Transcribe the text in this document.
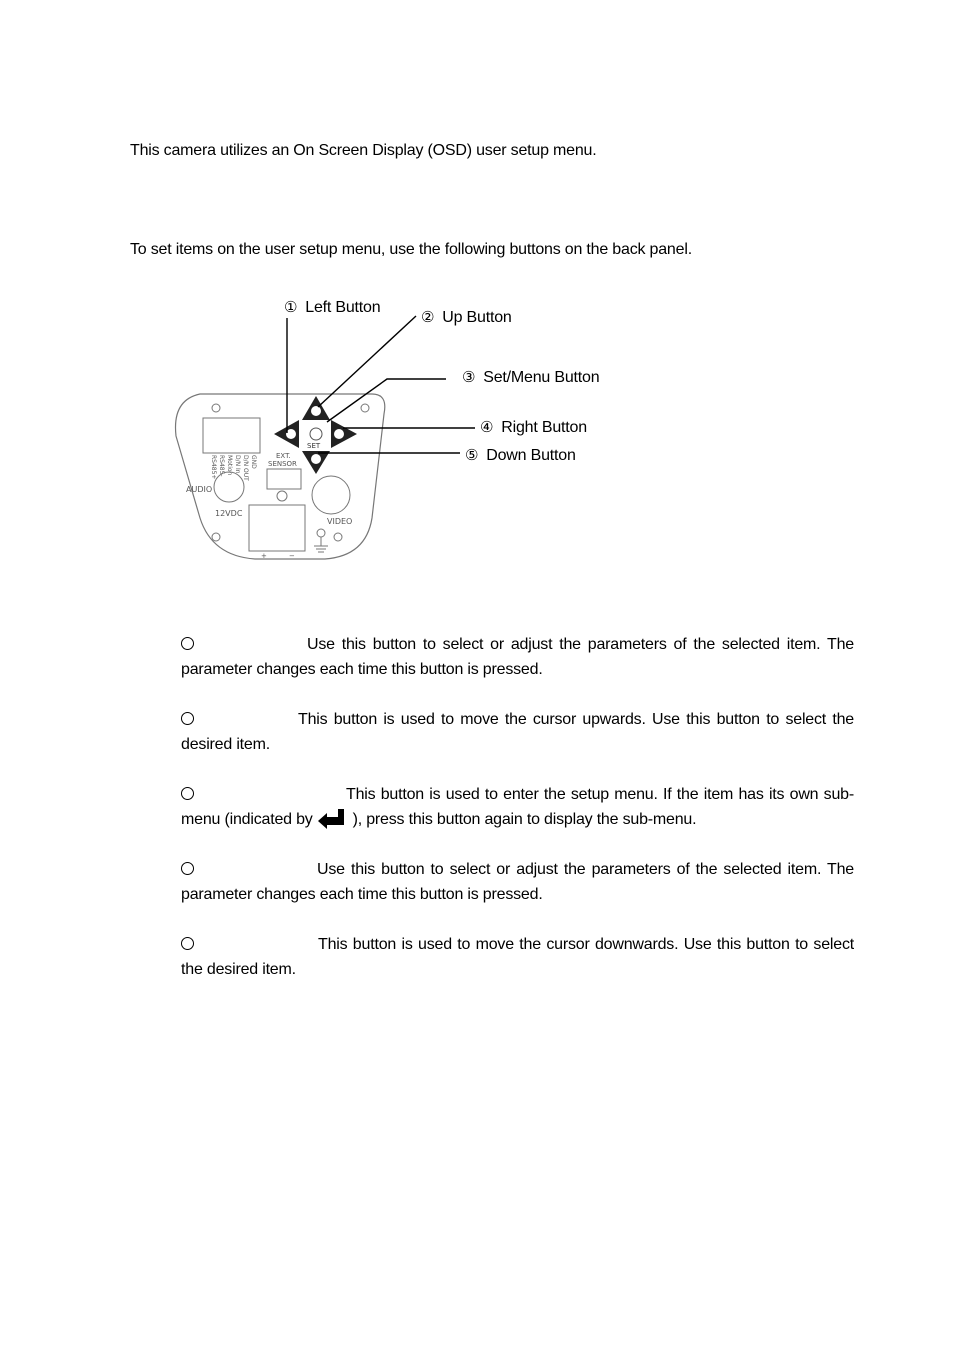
This camera utilizes an On Screen Display (OSD) user setup menu.
To set items on the user setup menu, use the following buttons on the back panel.
GND
D/N OUT
D/N In
Motion
RS485-
RS485+
AUDIO
12VDC
EXT.
SENSOR
+	−
VIDEO
SET
① Left Button
② Up Button
③ Set/Menu Button
④ Right Button
⑤ Down Button
Use this button to select or adjust the parameters of the selected item. The
parameter changes each time this button is pressed.
This button is used to move the cursor upwards. Use this button to select the
desired item.
This button is used to enter the setup menu. If the item has its own sub-
menu (indicated by	), press this button again to display the sub-menu.
Use this button to select or adjust the parameters of the selected item. The
parameter changes each time this button is pressed.
This button is used to move the cursor downwards. Use this button to select
the desired item.
